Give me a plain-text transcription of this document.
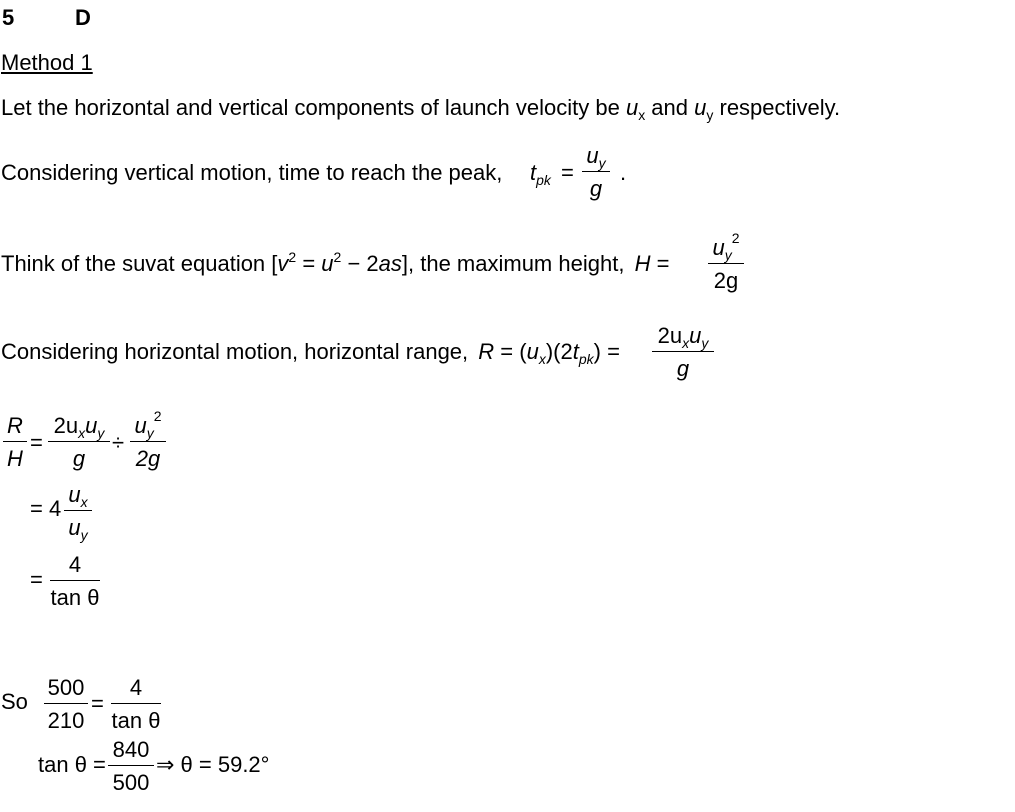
5	D
Method 1
Let the horizontal and vertical components of launch velocity be $u_x$ and $u_y$ respectively.
Considering vertical motion, time to reach the peak, $t_{pk}$ =
$u_y$
g
.
Think of the suvat equation $[v^2 = u^2 - 2as]$, the maximum height, H =
$u_y^2$
2g
Considering horizontal motion, horizontal range, $R = (u_x)(2t_{pk})$ =
$2u_xu_y$
g
R
H
=
$2u_xu_y$
g
÷
$u_y^2$
2g
= 4
$u_x$
$u_y$
=
4
tan θ
So
500
210
=
4
tan θ
tan θ =
840
500
⇒ θ = 59.2°
